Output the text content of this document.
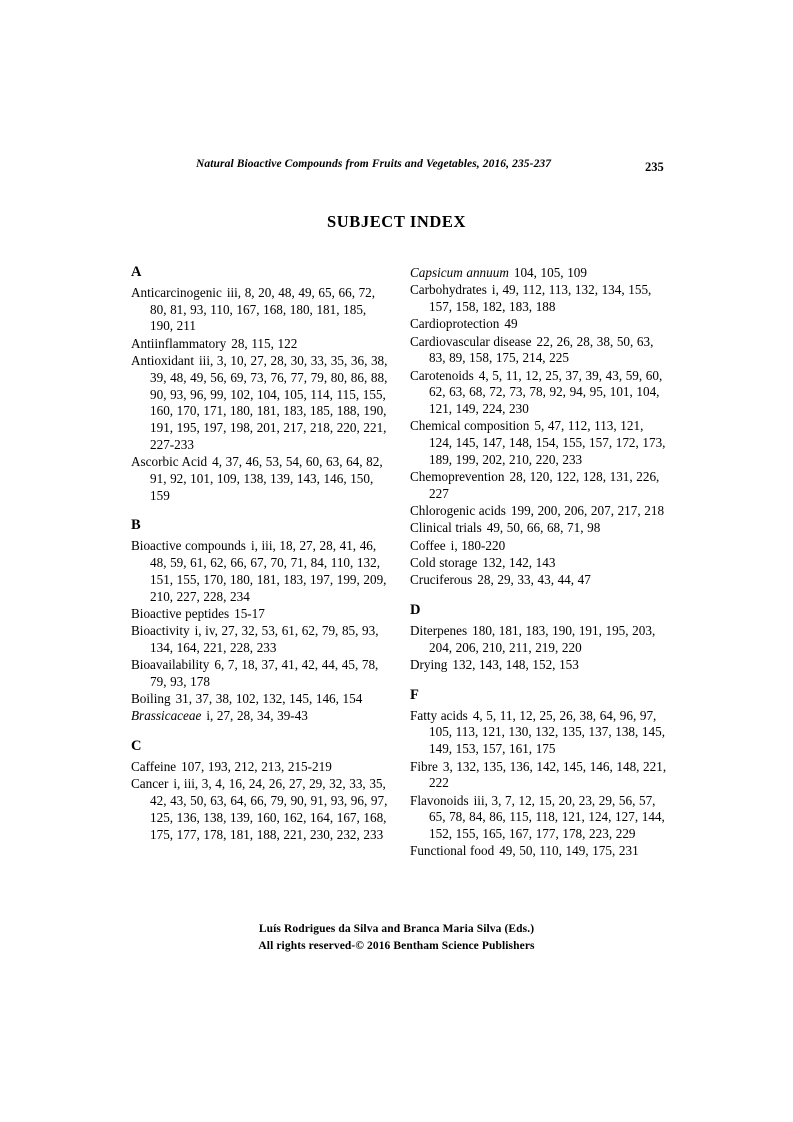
Natural Bioactive Compounds from Fruits and Vegetables, 2016, 235-237	235
SUBJECT INDEX
A
Anticarcinogenic iii, 8, 20, 48, 49, 65, 66, 72, 80, 81, 93, 110, 167, 168, 180, 181, 185, 190, 211
Antiinflammatory 28, 115, 122
Antioxidant iii, 3, 10, 27, 28, 30, 33, 35, 36, 38, 39, 48, 49, 56, 69, 73, 76, 77, 79, 80, 86, 88, 90, 93, 96, 99, 102, 104, 105, 114, 115, 155, 160, 170, 171, 180, 181, 183, 185, 188, 190, 191, 195, 197, 198, 201, 217, 218, 220, 221, 227-233
Ascorbic Acid 4, 37, 46, 53, 54, 60, 63, 64, 82, 91, 92, 101, 109, 138, 139, 143, 146, 150, 159
B
Bioactive compounds i, iii, 18, 27, 28, 41, 46, 48, 59, 61, 62, 66, 67, 70, 71, 84, 110, 132, 151, 155, 170, 180, 181, 183, 197, 199, 209, 210, 227, 228, 234
Bioactive peptides 15-17
Bioactivity i, iv, 27, 32, 53, 61, 62, 79, 85, 93, 134, 164, 221, 228, 233
Bioavailability 6, 7, 18, 37, 41, 42, 44, 45, 78, 79, 93, 178
Boiling 31, 37, 38, 102, 132, 145, 146, 154
Brassicaceae i, 27, 28, 34, 39-43
C
Caffeine 107, 193, 212, 213, 215-219
Cancer i, iii, 3, 4, 16, 24, 26, 27, 29, 32, 33, 35, 42, 43, 50, 63, 64, 66, 79, 90, 91, 93, 96, 97, 125, 136, 138, 139, 160, 162, 164, 167, 168, 175, 177, 178, 181, 188, 221, 230, 232, 233
Capsicum annuum 104, 105, 109
Carbohydrates i, 49, 112, 113, 132, 134, 155, 157, 158, 182, 183, 188
Cardioprotection 49
Cardiovascular disease 22, 26, 28, 38, 50, 63, 83, 89, 158, 175, 214, 225
Carotenoids 4, 5, 11, 12, 25, 37, 39, 43, 59, 60, 62, 63, 68, 72, 73, 78, 92, 94, 95, 101, 104, 121, 149, 224, 230
Chemical composition 5, 47, 112, 113, 121, 124, 145, 147, 148, 154, 155, 157, 172, 173, 189, 199, 202, 210, 220, 233
Chemoprevention 28, 120, 122, 128, 131, 226, 227
Chlorogenic acids 199, 200, 206, 207, 217, 218
Clinical trials 49, 50, 66, 68, 71, 98
Coffee i, 180-220
Cold storage 132, 142, 143
Cruciferous 28, 29, 33, 43, 44, 47
D
Diterpenes 180, 181, 183, 190, 191, 195, 203, 204, 206, 210, 211, 219, 220
Drying 132, 143, 148, 152, 153
F
Fatty acids 4, 5, 11, 12, 25, 26, 38, 64, 96, 97, 105, 113, 121, 130, 132, 135, 137, 138, 145, 149, 153, 157, 161, 175
Fibre 3, 132, 135, 136, 142, 145, 146, 148, 221, 222
Flavonoids iii, 3, 7, 12, 15, 20, 23, 29, 56, 57, 65, 78, 84, 86, 115, 118, 121, 124, 127, 144, 152, 155, 165, 167, 177, 178, 223, 229
Functional food 49, 50, 110, 149, 175, 231
Luís Rodrigues da Silva and Branca Maria Silva (Eds.)
All rights reserved-© 2016 Bentham Science Publishers
